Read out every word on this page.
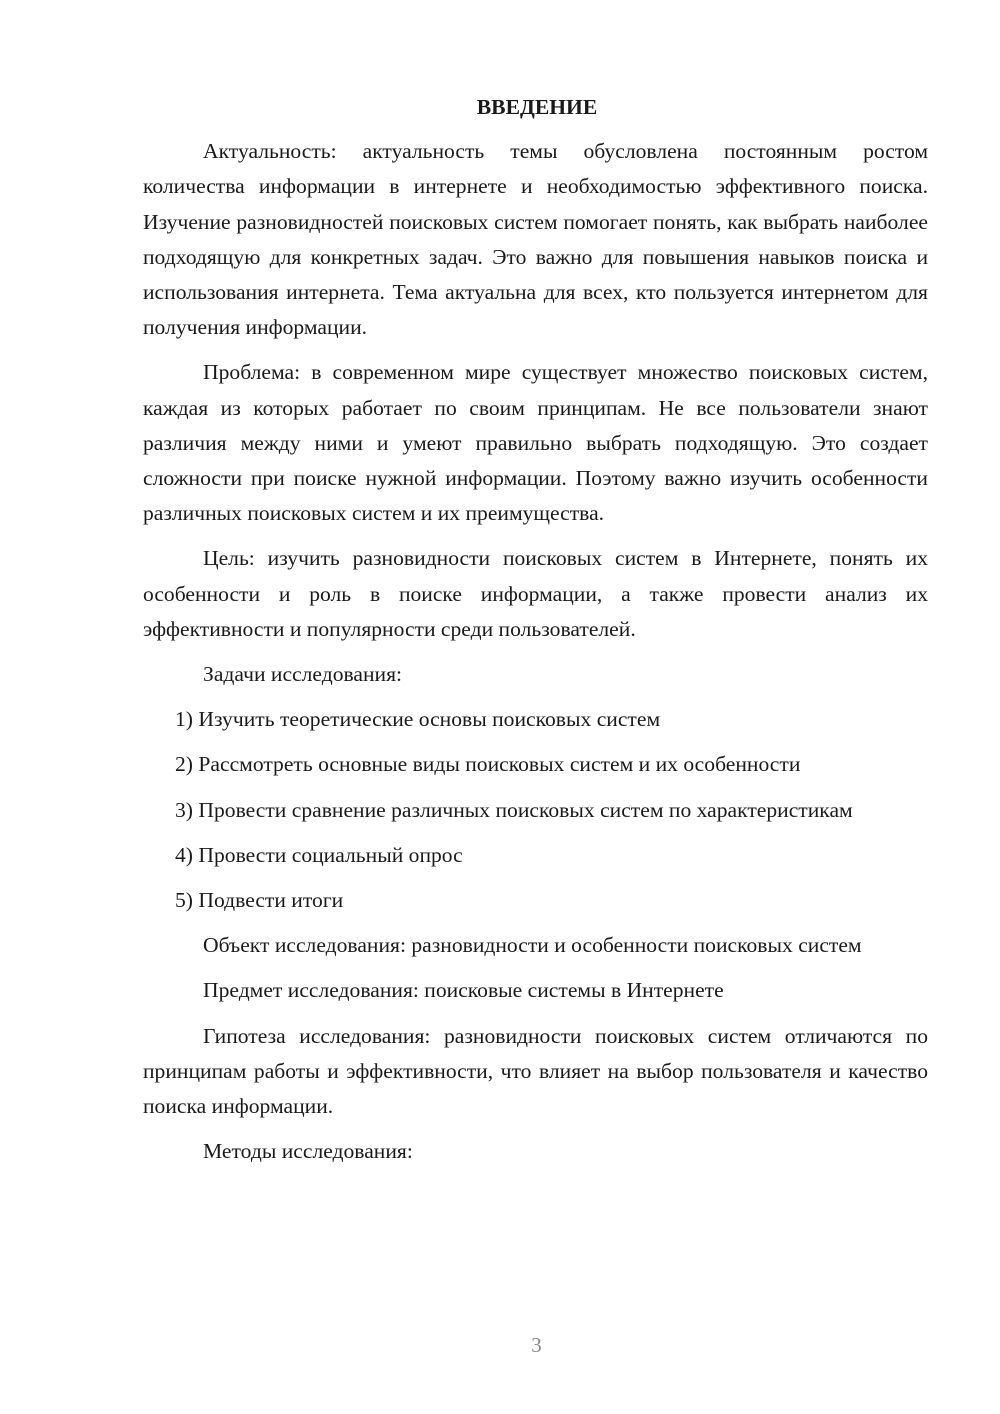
ВВЕДЕНИЕ

Актуальность: актуальность темы обусловлена постоянным ростом количества информации в интернете и необходимостью эффективного поиска. Изучение разновидностей поисковых систем помогает понять, как выбрать наиболее подходящую для конкретных задач. Это важно для повышения навыков поиска и использования интернета. Тема актуальна для всех, кто пользуется интернетом для получения информации.

Проблема: в современном мире существует множество поисковых систем, каждая из которых работает по своим принципам. Не все пользователи знают различия между ними и умеют правильно выбрать подходящую. Это создает сложности при поиске нужной информации. Поэтому важно изучить особенности различных поисковых систем и их преимущества.

Цель: изучить разновидности поисковых систем в Интернете, понять их особенности и роль в поиске информации, а также провести анализ их эффективности и популярности среди пользователей.

Задачи исследования:

1) Изучить теоретические основы поисковых систем

2) Рассмотреть основные виды поисковых систем и их особенности

3) Провести сравнение различных поисковых систем по характеристикам

4) Провести социальный опрос

5) Подвести итоги

Объект исследования: разновидности и особенности поисковых систем

Предмет исследования: поисковые системы в Интернете

Гипотеза исследования: разновидности поисковых систем отличаются по принципам работы и эффективности, что влияет на выбор пользователя и качество поиска информации.

Методы исследования:

3
